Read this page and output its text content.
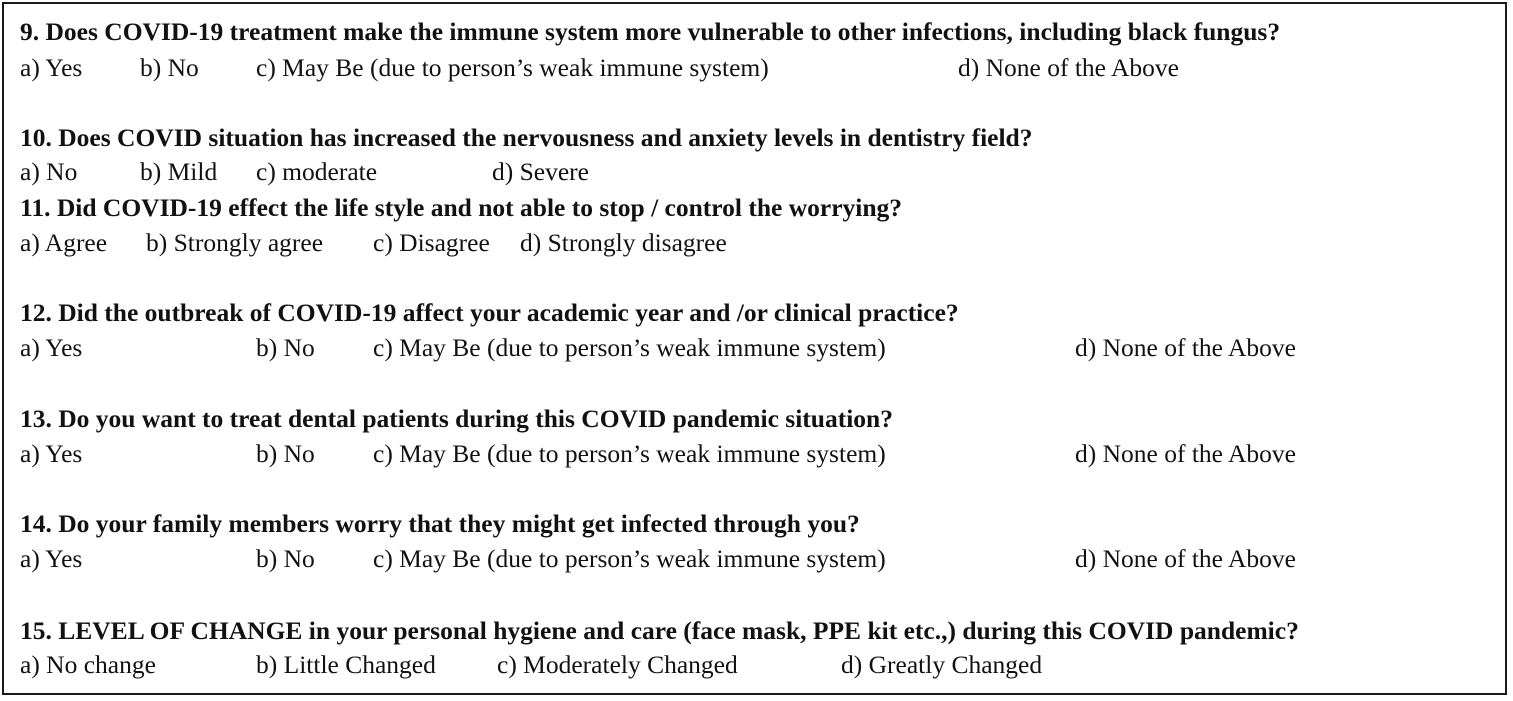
9. Does COVID-19 treatment make the immune system more vulnerable to other infections, including black fungus?
a) Yes b) No c) May Be (due to person’s weak immune system)	d) None of the Above
10. Does COVID situation has increased the nervousness and anxiety levels in dentistry field?
a) No b) Mild c) moderate	d) Severe
11. Did COVID-19 effect the life style and not able to stop / control the worrying?
a) Agree b) Strongly agree c) Disagree d) Strongly disagree
12. Did the outbreak of COVID-19 affect your academic year and /or clinical practice?
a) Yes	b) No c) May Be (due to person’s weak immune system)	d) None of the Above
13. Do you want to treat dental patients during this COVID pandemic situation?
a) Yes	b) No c) May Be (due to person’s weak immune system)	d) None of the Above
14. Do your family members worry that they might get infected through you?
a) Yes	b) No c) May Be (due to person’s weak immune system)	d) None of the Above
15. LEVEL OF CHANGE in your personal hygiene and care (face mask, PPE kit etc.,) during this COVID pandemic?
a) No change	b) Little Changed c) Moderately Changed	d) Greatly Changed
